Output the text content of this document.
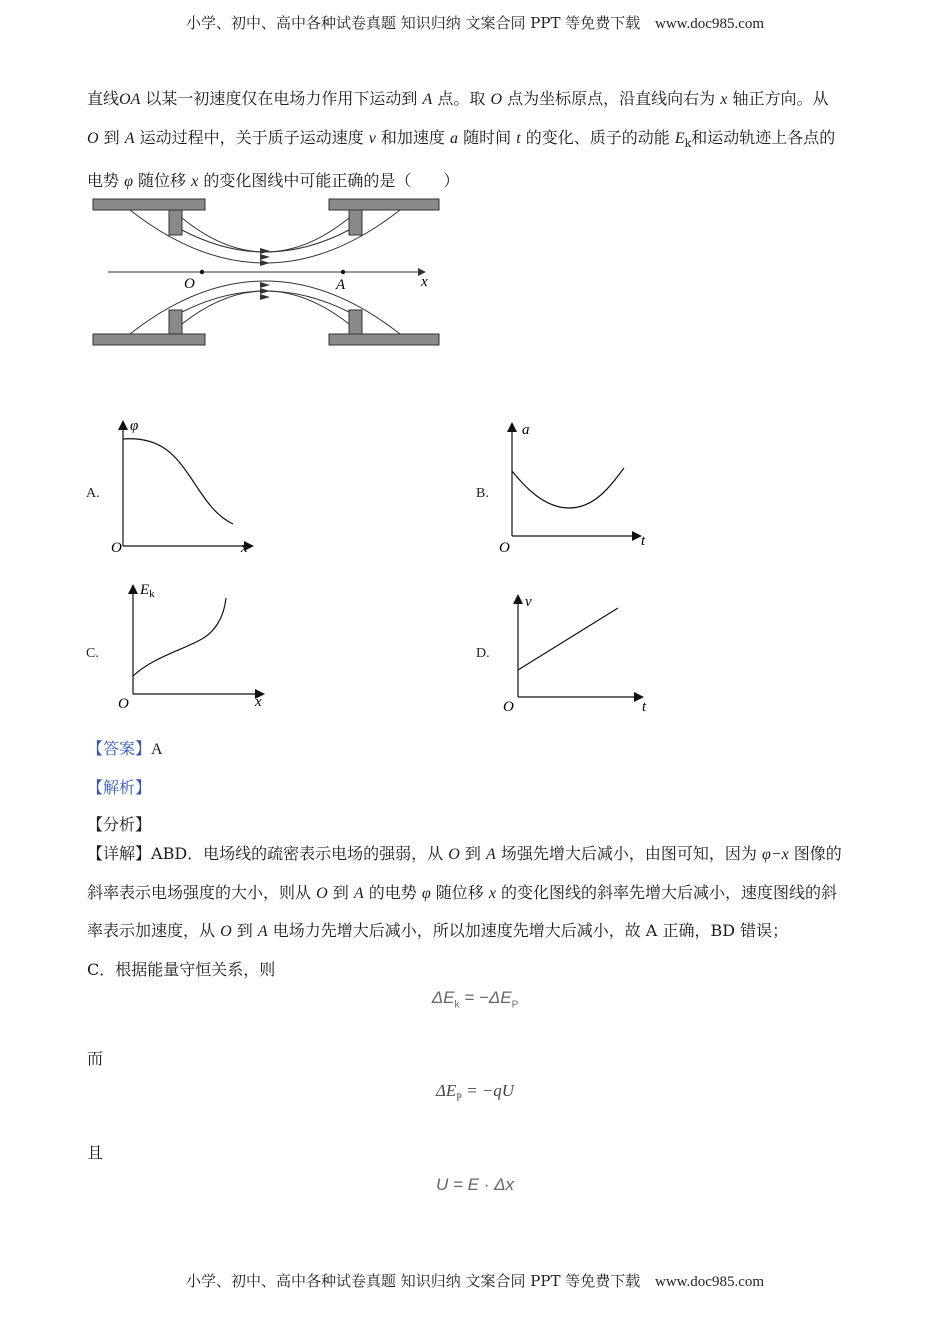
小学、初中、高中各种试卷真题 知识归纳 文案合同 PPT 等免费下载 www.doc985.com
直线OA 以某一初速度仅在电场力作用下运动到 A 点。取 O 点为坐标原点，沿直线向右为 x 轴正方向。从
O 到 A 运动过程中，关于质子运动速度 v 和加速度 a 随时间 t 的变化、质子的动能 $E_k$和运动轨迹上各点的
电势 φ 随位移 x 的变化图线中可能正确的是（　　）
O	A	x
A.
φ
x
O
B.
a
t
O
C.
$E_k$
x
O
D.
v
t
O
【答案】A
【解析】
【分析】
【详解】ABD．电场线的疏密表示电场的强弱，从 O 到 A 场强先增大后减小，由图可知，因为 φ−x 图像的
斜率表示电场强度的大小，则从 O 到 A 的电势 φ 随位移 x 的变化图线的斜率先增大后减小，速度图线的斜
率表示加速度，从 O 到 A 电场力先增大后减小，所以加速度先增大后减小，故 A 正确，BD 错误；
C．根据能量守恒关系，则
$\Delta E_k = -\Delta E_P$
而
$\Delta E_P = -qU$
且
U = E · Δx
小学、初中、高中各种试卷真题 知识归纳 文案合同 PPT 等免费下载 www.doc985.com
